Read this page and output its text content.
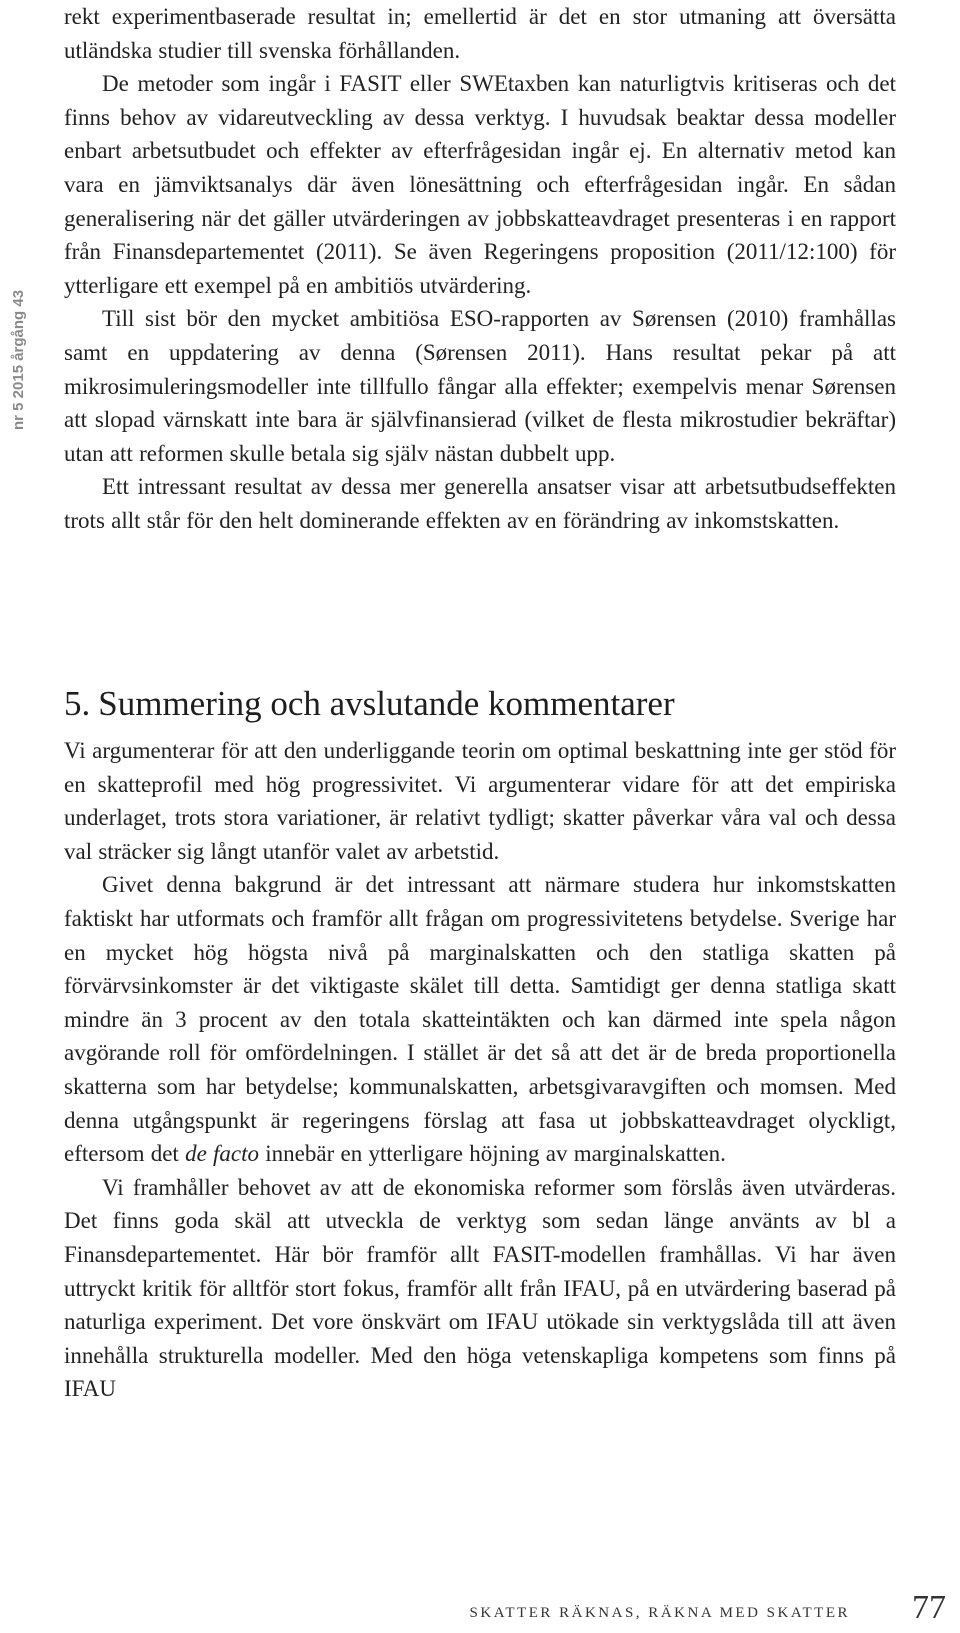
nr 5 2015 årgång 43

rekt experimentbaserade resultat in; emellertid är det en stor utmaning att översätta utländska studier till svenska förhållanden.

De metoder som ingår i FASIT eller SWEtaxben kan naturligtvis kritiseras och det finns behov av vidareutveckling av dessa verktyg. I huvudsak beaktar dessa modeller enbart arbetsutbudet och effekter av efterfrågesidan ingår ej. En alternativ metod kan vara en jämviktsanalys där även lönesättning och efterfrågesidan ingår. En sådan generalisering när det gäller utvärderingen av jobbskatteavdraget presenteras i en rapport från Finansdepartementet (2011). Se även Regeringens proposition (2011/12:100) för ytterligare ett exempel på en ambitiös utvärdering.

Till sist bör den mycket ambitiösa ESO-rapporten av Sørensen (2010) framhållas samt en uppdatering av denna (Sørensen 2011). Hans resultat pekar på att mikrosimuleringsmodeller inte tillfullo fångar alla effekter; exempelvis menar Sørensen att slopad värnskatt inte bara är självfinansierad (vilket de flesta mikrostudier bekräftar) utan att reformen skulle betala sig själv nästan dubbelt upp.

Ett intressant resultat av dessa mer generella ansatser visar att arbetsutbudseffekten trots allt står för den helt dominerande effekten av en förändring av inkomstskatten.

5. Summering och avslutande kommentarer

Vi argumenterar för att den underliggande teorin om optimal beskattning inte ger stöd för en skatteprofil med hög progressivitet. Vi argumenterar vidare för att det empiriska underlaget, trots stora variationer, är relativt tydligt; skatter påverkar våra val och dessa val sträcker sig långt utanför valet av arbetstid.

Givet denna bakgrund är det intressant att närmare studera hur inkomstskatten faktiskt har utformats och framför allt frågan om progressivitetens betydelse. Sverige har en mycket hög högsta nivå på marginalskatten och den statliga skatten på förvärvsinkomster är det viktigaste skälet till detta. Samtidigt ger denna statliga skatt mindre än 3 procent av den totala skatteintäkten och kan därmed inte spela någon avgörande roll för omfördelningen. I stället är det så att det är de breda proportionella skatterna som har betydelse; kommunalskatten, arbetsgivaravgiften och momsen. Med denna utgångspunkt är regeringens förslag att fasa ut jobbskatteavdraget olyckligt, eftersom det de facto innebär en ytterligare höjning av marginalskatten.

Vi framhåller behovet av att de ekonomiska reformer som förslås även utvärderas. Det finns goda skäl att utveckla de verktyg som sedan länge använts av bl a Finansdepartementet. Här bör framför allt FASIT-modellen framhållas. Vi har även uttryckt kritik för alltför stort fokus, framför allt från IFAU, på en utvärdering baserad på naturliga experiment. Det vore önskvärt om IFAU utökade sin verktygslåda till att även innehålla strukturella modeller. Med den höga vetenskapliga kompetens som finns på IFAU

SKATTER RÄKNAS, RÄKNA MED SKATTER 77
